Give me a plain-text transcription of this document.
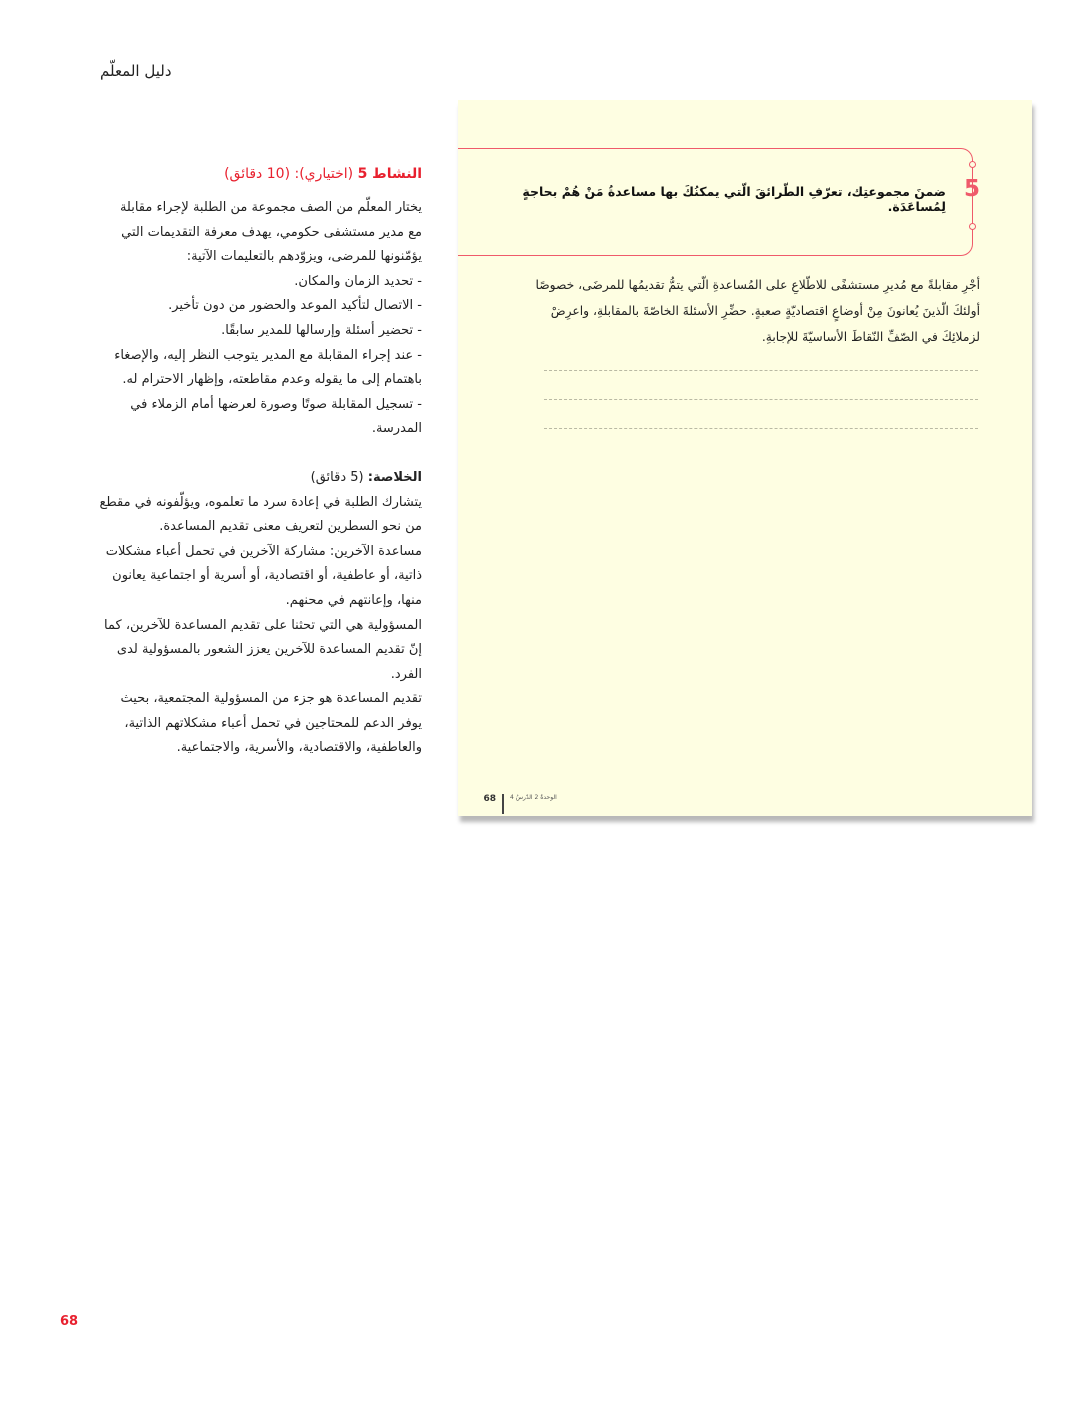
دليل المعلّم
5
ضمنَ مجموعتِك، تعرّفِ الطّرائقَ الّتي يمكنُكَ بها مساعدةُ مَنْ هُمْ بحاجةٍ لِمُساعَدَة.
أجْرِ مقابلةً مع مُديرِ مستشفًى للاطّلاعِ على المُساعدةِ الّتي يتمُّ تقديمُها للمرضَى، خصوصًا
أولئكَ الّذينَ يُعانونَ مِنْ أوضاعٍ اقتصاديّةٍ صعبةٍ. حضِّرِ الأسئلةَ الخاصّةَ بالمقابلةِ، واعرِضْ
لزملائِكَ في الصّفِّ النّقاطَ الأساسيّةَ للإجابةِ.
68 الوحدةُ 2 الدّرسُ 4
النشاط 5 (اختياري): (10 دقائق)

يختار المعلّم من الصف مجموعة من الطلبة لإجراء مقابلة

مع مدير مستشفى حكومي، يهدف معرفة التقديمات التي

يؤمّنونها للمرضى، ويزوّدهم بالتعليمات الآتية:

- تحديد الزمان والمكان.

- الاتصال لتأكيد الموعد والحضور من دون تأخير.

- تحضير أسئلة وإرسالها للمدير سابقًا.

- عند إجراء المقابلة مع المدير يتوجب النظر إليه، والإصغاء

باهتمام إلى ما يقوله وعدم مقاطعته، وإظهار الاحترام له.

- تسجيل المقابلة صوتًا وصورة لعرضها أمام الزملاء في

المدرسة.

الخلاصة: (5 دقائق)

يتشارك الطلبة في إعادة سرد ما تعلموه، ويؤلّفونه في مقطع

من نحو السطرين لتعريف معنى تقديم المساعدة.

مساعدة الآخرين: مشاركة الآخرين في تحمل أعباء مشكلات

ذاتية، أو عاطفية، أو اقتصادية، أو أسرية أو اجتماعية يعانون

منها، وإعانتهم في محنهم.

المسؤولية هي التي تحثنا على تقديم المساعدة للآخرين، كما

إنّ تقديم المساعدة للآخرين يعزز الشعور بالمسؤولية لدى

الفرد.

تقديم المساعدة هو جزء من المسؤولية المجتمعية، بحيث

يوفر الدعم للمحتاجين في تحمل أعباء مشكلاتهم الذاتية،

والعاطفية، والاقتصادية، والأسرية، والاجتماعية.

68
